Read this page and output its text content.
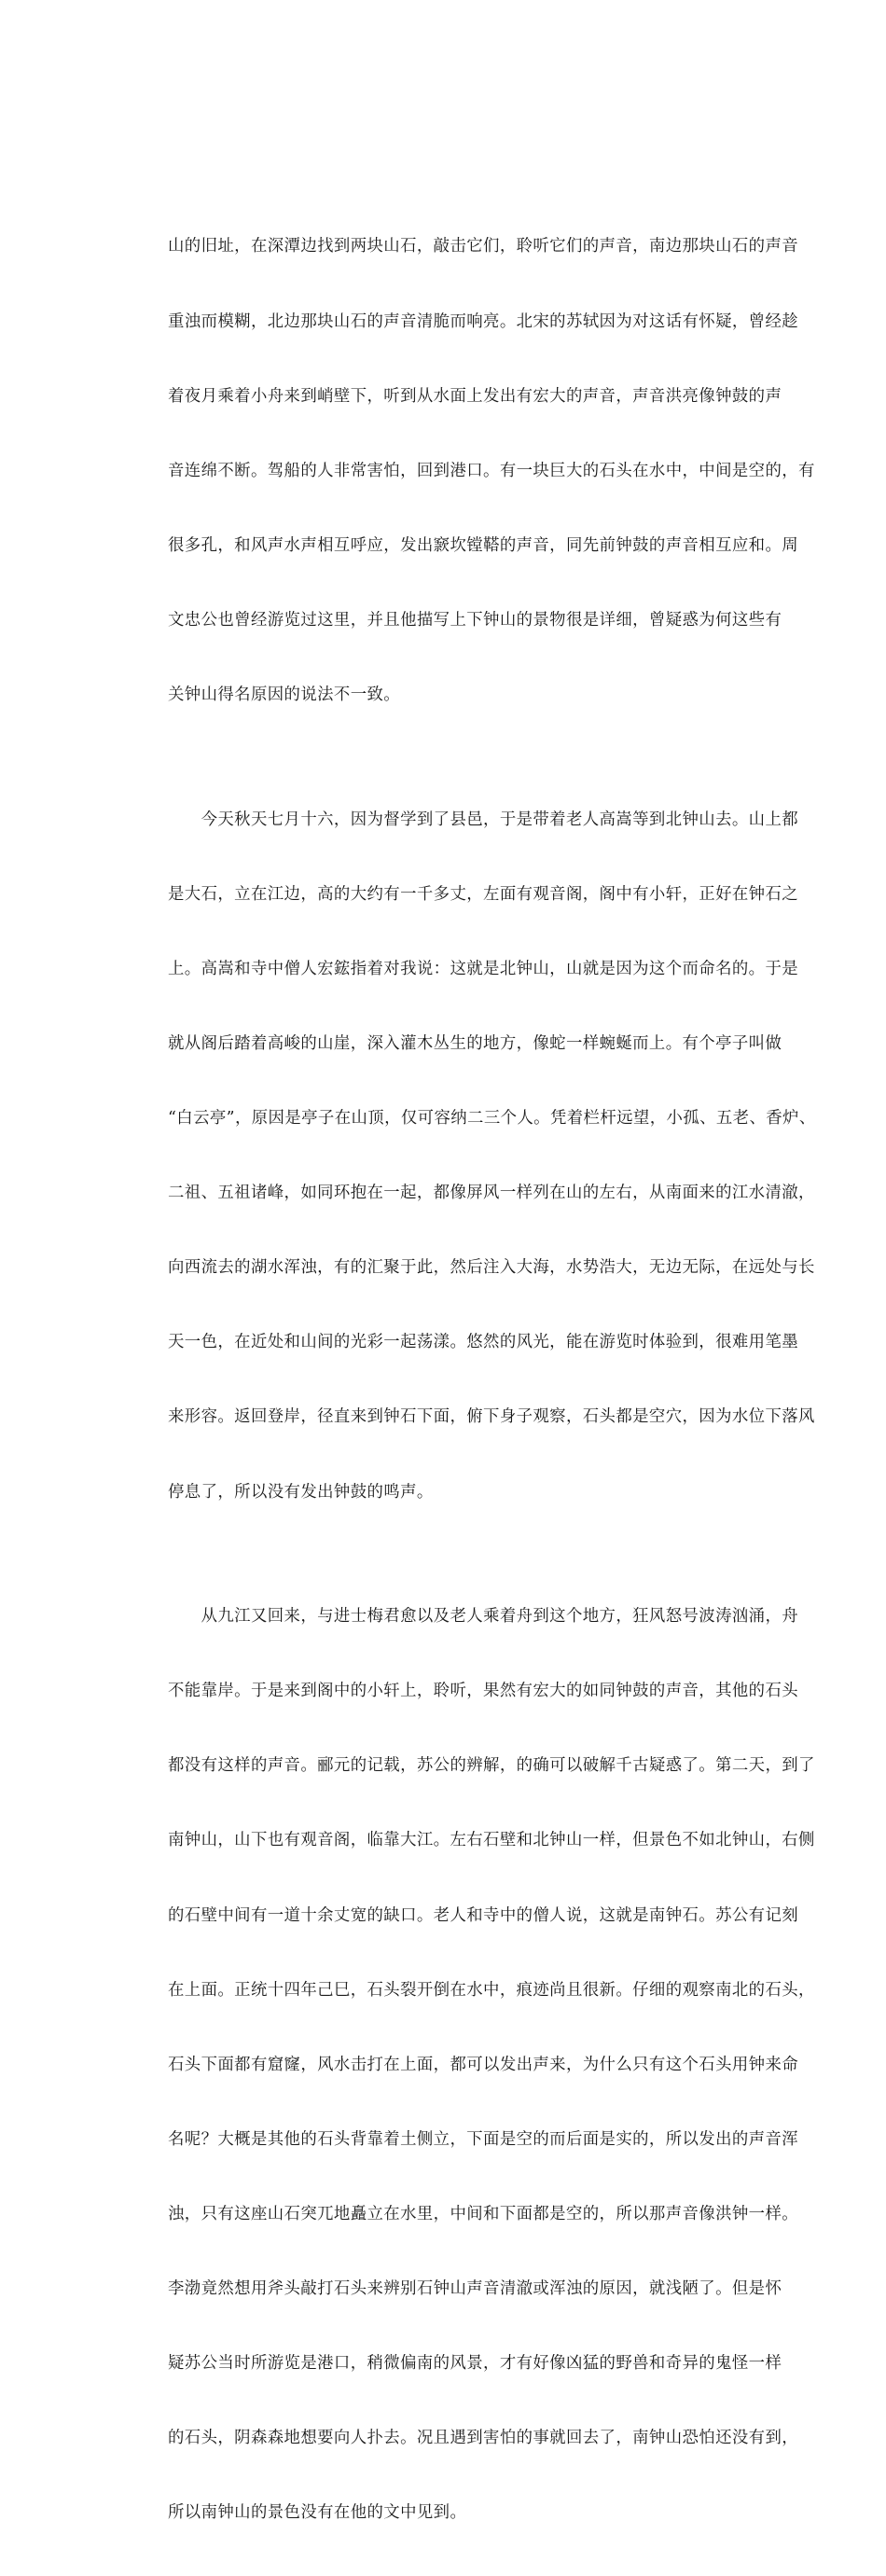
山的旧址，在深潭边找到两块山石，敲击它们，聆听它们的声音，南边那块山石的声音

重浊而模糊，北边那块山石的声音清脆而响亮。北宋的苏轼因为对这话有怀疑，曾经趁

着夜月乘着小舟来到峭壁下，听到从水面上发出有宏大的声音，声音洪亮像钟鼓的声

音连绵不断。驾船的人非常害怕，回到港口。有一块巨大的石头在水中，中间是空的，有

很多孔，和风声水声相互呼应，发出窾坎镗鞳的声音，同先前钟鼓的声音相互应和。周

文忠公也曾经游览过这里，并且他描写上下钟山的景物很是详细，曾疑惑为何这些有

关钟山得名原因的说法不一致。

　　今天秋天七月十六，因为督学到了县邑，于是带着老人高嵩等到北钟山去。山上都

是大石，立在江边，高的大约有一千多丈，左面有观音阁，阁中有小轩，正好在钟石之

上。高嵩和寺中僧人宏鋐指着对我说：这就是北钟山，山就是因为这个而命名的。于是

就从阁后踏着高峻的山崖，深入灌木丛生的地方，像蛇一样蜿蜒而上。有个亭子叫做

“白云亭”，原因是亭子在山顶，仅可容纳二三个人。凭着栏杆远望，小孤、五老、香炉、

二祖、五祖诸峰，如同环抱在一起，都像屏风一样列在山的左右，从南面来的江水清澈，

向西流去的湖水浑浊，有的汇聚于此，然后注入大海，水势浩大，无边无际，在远处与长

天一色，在近处和山间的光彩一起荡漾。悠然的风光，能在游览时体验到，很难用笔墨

来形容。返回登岸，径直来到钟石下面，俯下身子观察，石头都是空穴，因为水位下落风

停息了，所以没有发出钟鼓的鸣声。

　　从九江又回来，与进士梅君愈以及老人乘着舟到这个地方，狂风怒号波涛汹涌，舟

不能靠岸。于是来到阁中的小轩上，聆听，果然有宏大的如同钟鼓的声音，其他的石头

都没有这样的声音。郦元的记载，苏公的辨解，的确可以破解千古疑惑了。第二天，到了

南钟山，山下也有观音阁，临靠大江。左右石壁和北钟山一样，但景色不如北钟山，右侧

的石壁中间有一道十余丈宽的缺口。老人和寺中的僧人说，这就是南钟石。苏公有记刻

在上面。正统十四年己巳，石头裂开倒在水中，痕迹尚且很新。仔细的观察南北的石头，

石头下面都有窟窿，风水击打在上面，都可以发出声来，为什么只有这个石头用钟来命

名呢？大概是其他的石头背靠着土侧立，下面是空的而后面是实的，所以发出的声音浑

浊，只有这座山石突兀地矗立在水里，中间和下面都是空的，所以那声音像洪钟一样。

李渤竟然想用斧头敲打石头来辨别石钟山声音清澈或浑浊的原因，就浅陋了。但是怀

疑苏公当时所游览是港口，稍微偏南的风景，才有好像凶猛的野兽和奇异的鬼怪一样

的石头，阴森森地想要向人扑去。况且遇到害怕的事就回去了，南钟山恐怕还没有到，

所以南钟山的景色没有在他的文中见到。
